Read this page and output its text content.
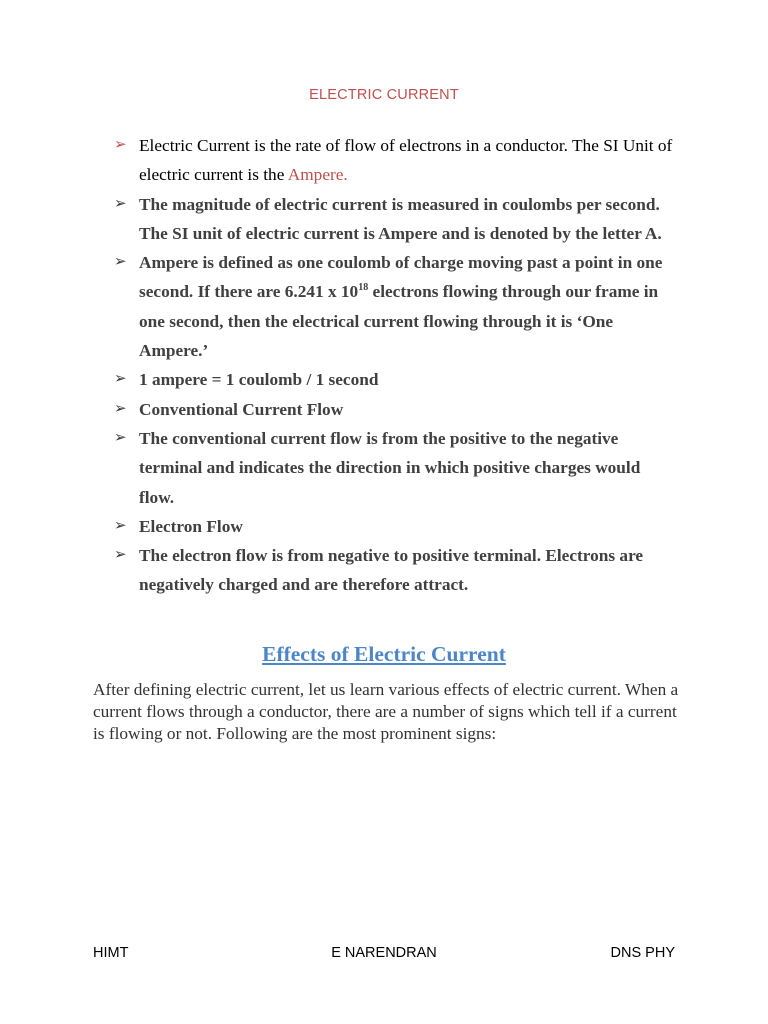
ELECTRIC CURRENT
➢ Electric Current is the rate of flow of electrons in a conductor. The SI Unit of electric current is the Ampere.
➢ The magnitude of electric current is measured in coulombs per second. The SI unit of electric current is Ampere and is denoted by the letter A.
➢ Ampere is defined as one coulomb of charge moving past a point in one second. If there are 6.241 x $10^{18}$ electrons flowing through our frame in one second, then the electrical current flowing through it is ‘One Ampere.’
➢ 1 ampere = 1 coulomb / 1 second
➢ Conventional Current Flow
➢ The conventional current flow is from the positive to the negative terminal and indicates the direction in which positive charges would flow.
➢ Electron Flow
➢ The electron flow is from negative to positive terminal. Electrons are negatively charged and are therefore attract.
Effects of Electric Current

After defining electric current, let us learn various effects of electric current. When a current flows through a conductor, there are a number of signs which tell if a current is flowing or not. Following are the most prominent signs:

HIMT	E NARENDRAN	DNS PHY
